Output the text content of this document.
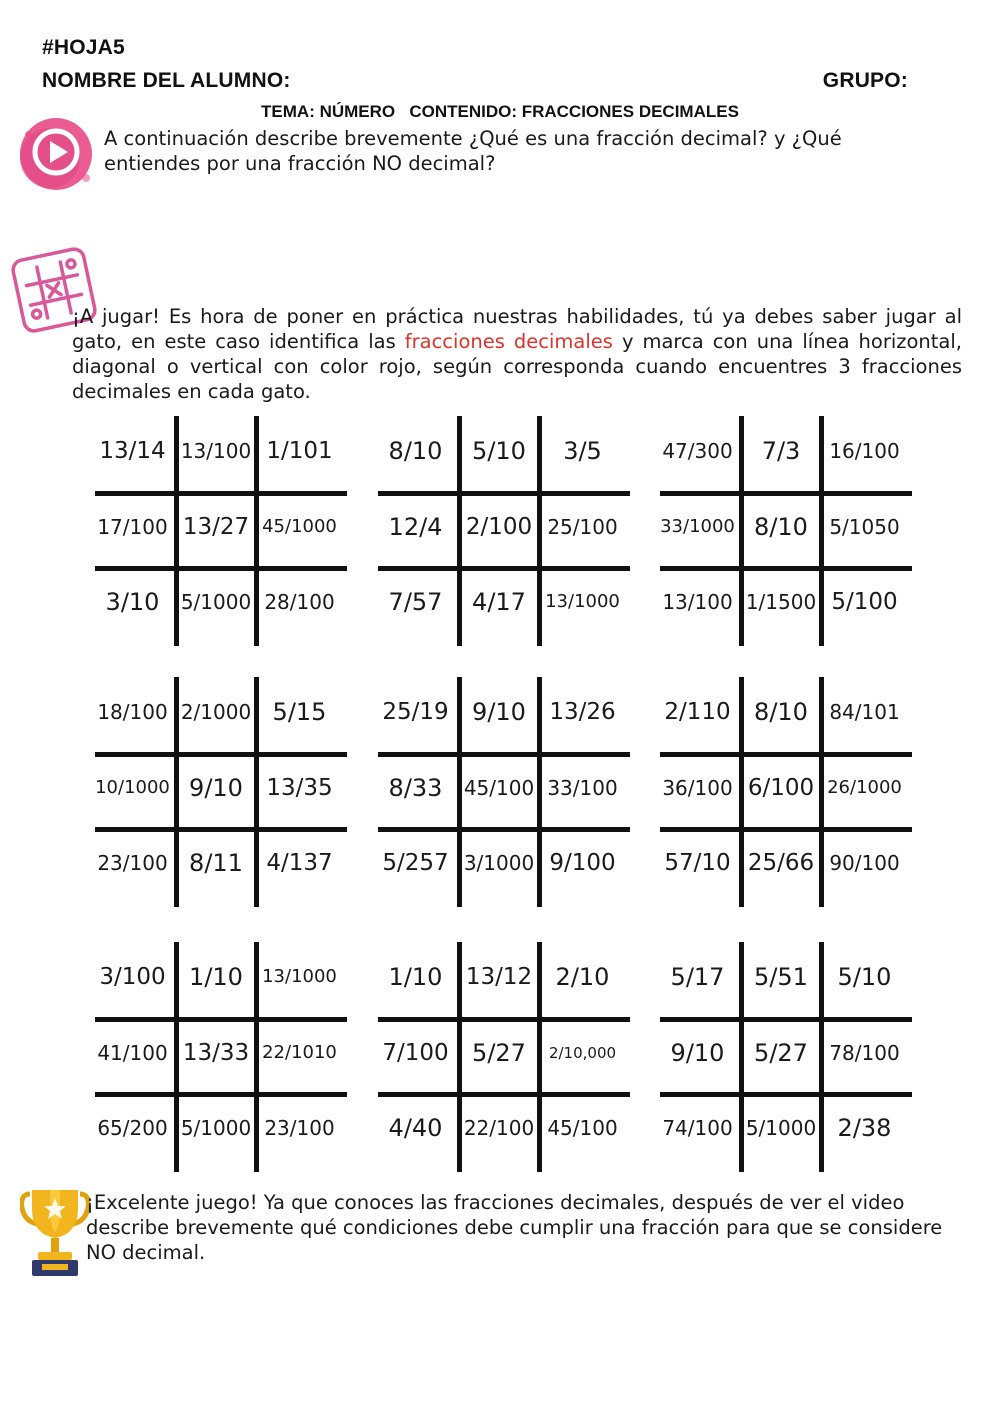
#HOJA5
NOMBRE DEL ALUMNO:	GRUPO:
TEMA: NÚMERO   CONTENIDO: FRACCIONES DECIMALES
A continuación describe brevemente ¿Qué es una fracción decimal? y ¿Qué entiendes por una fracción NO decimal?
¡A jugar! Es hora de poner en práctica nuestras habilidades, tú ya debes saber jugar al gato, en este caso identifica las fracciones decimales y marca con una línea horizontal, diagonal o vertical con color rojo, según corresponda cuando encuentres 3 fracciones decimales en cada gato.
13/14 13/100 1/101
17/100 13/27 45/1000
3/10	5/1000 28/100
8/10	5/10	3/5
12/4	2/100 25/100
7/57	4/17	13/1000
47/300	7/3	16/100
33/1000 8/10	5/1050
13/100 1/1500 5/100
18/100 2/1000 5/15
10/1000 9/10	13/35
23/100 8/11	4/137
25/19 9/10	13/26
8/33	45/100 33/100
5/257 3/1000 9/100
2/110 8/10	84/101
36/100 6/100 26/1000
57/10 25/66 90/100
3/100 1/10	13/1000
41/100 13/33 22/1010
65/200 5/1000 23/100
1/10	13/12 2/10
7/100 5/27	2/10,000
4/40	22/100 45/100
5/17	5/51	5/10
9/10	5/27	78/100
74/100 5/1000 2/38
¡Excelente juego! Ya que conoces las fracciones decimales, después de ver el video describe brevemente qué condiciones debe cumplir una fracción para que se considere NO decimal.
